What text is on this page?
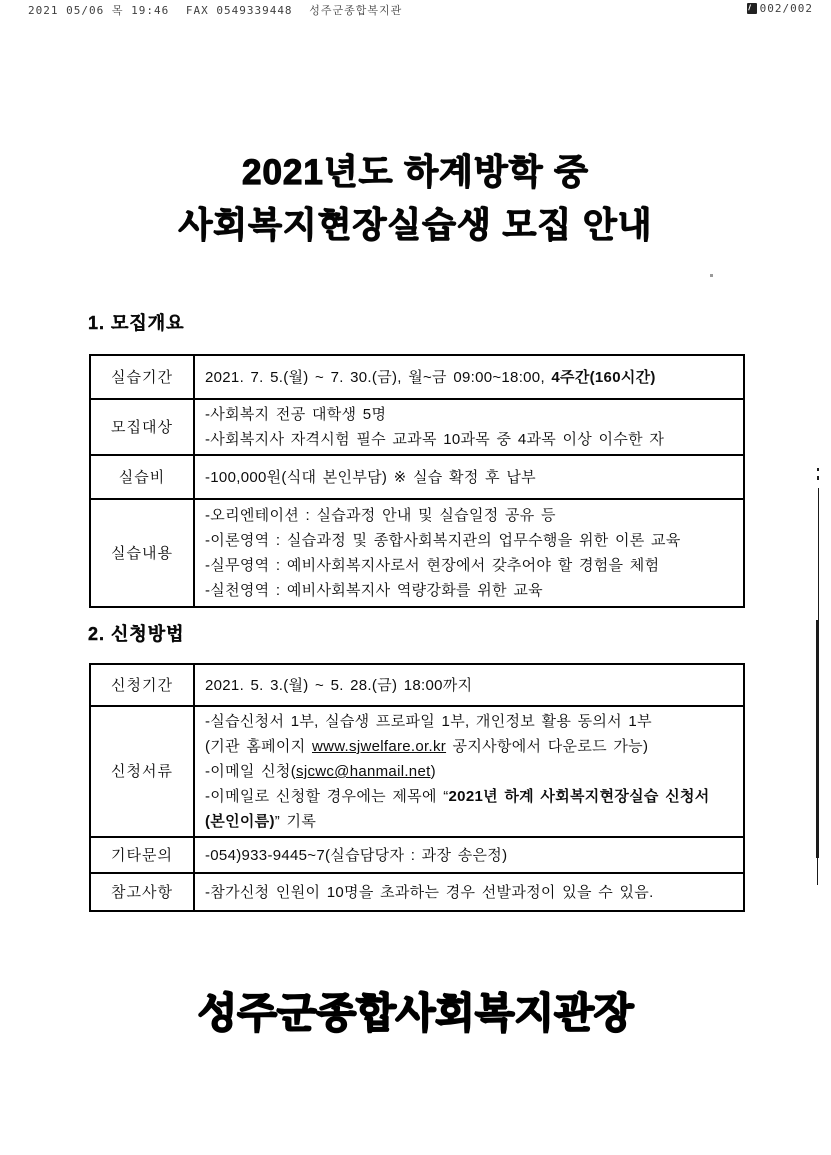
2021 05/06 목 19:46 FAX 0549339448 성주군종합복지관	002/002
2021년도 하계방학 중
사회복지현장실습생 모집 안내
1. 모집개요
실습기간	2021. 7. 5.(월) ~ 7. 30.(금), 월~금 09:00~18:00, 4주간(160시간)
모집대상	-사회복지 전공 대학생 5명
-사회복지사 자격시험 필수 교과목 10과목 중 4과목 이상 이수한 자

실습비	-100,000원(식대 본인부담) ※ 실습 확정 후 납부
실습내용	-오리엔테이션 : 실습과정 안내 및 실습일정 공유 등
-이론영역 : 실습과정 및 종합사회복지관의 업무수행을 위한 이론 교육
-실무영역 : 예비사회복지사로서 현장에서 갖추어야 할 경험을 체험
-실천영역 : 예비사회복지사 역량강화를 위한 교육
2. 신청방법
신청기간	2021. 5. 3.(월) ~ 5. 28.(금) 18:00까지
신청서류	-실습신청서 1부, 실습생 프로파일 1부, 개인정보 활용 동의서 1부
(기관 홈페이지 www.sjwelfare.or.kr 공지사항에서 다운로드 가능)
-이메일 신청(sjcwc@hanmail.net)
-이메일로 신청할 경우에는 제목에 “2021년 하계 사회복지현장실습 신청서
(본인이름)” 기록

기타문의	-054)933-9445~7(실습담당자 : 과장 송은정)
참고사항	-참가신청 인원이 10명을 초과하는 경우 선발과정이 있을 수 있음.
성주군종합사회복지관장
